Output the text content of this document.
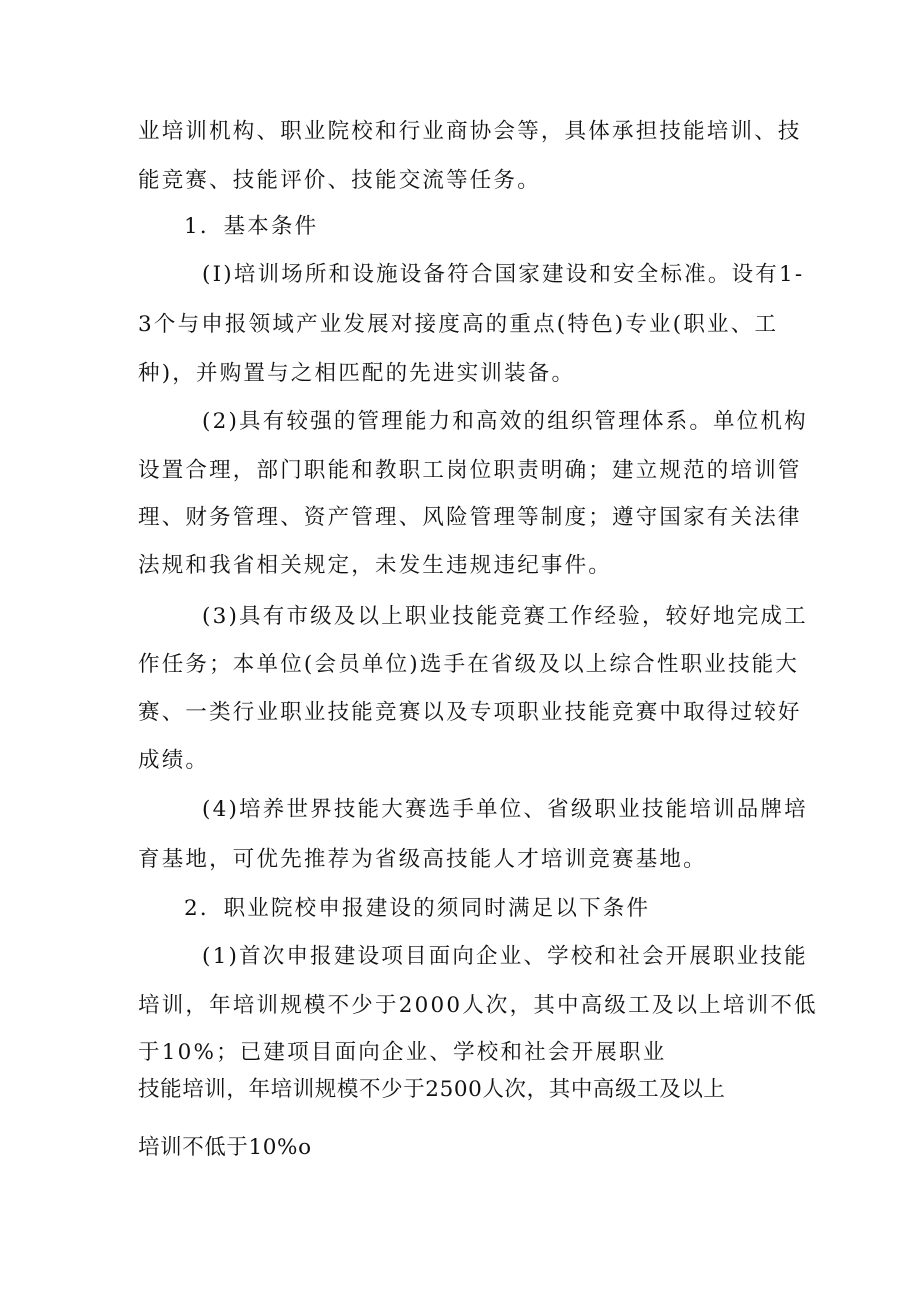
业培训机构、职业院校和行业商协会等，具体承担技能培训、技
能竞赛、技能评价、技能交流等任务。
1．基本条件
(I)培训场所和设施设备符合国家建设和安全标准。设有1-
3个与申报领域产业发展对接度高的重点(特色)专业(职业、工
种)，并购置与之相匹配的先进实训装备。
(2)具有较强的管理能力和高效的组织管理体系。单位机构
设置合理，部门职能和教职工岗位职责明确；建立规范的培训管
理、财务管理、资产管理、风险管理等制度；遵守国家有关法律
法规和我省相关规定，未发生违规违纪事件。
(3)具有市级及以上职业技能竞赛工作经验，较好地完成工
作任务；本单位(会员单位)选手在省级及以上综合性职业技能大
赛、一类行业职业技能竞赛以及专项职业技能竞赛中取得过较好
成绩。
(4)培养世界技能大赛选手单位、省级职业技能培训品牌培
育基地，可优先推荐为省级高技能人才培训竞赛基地。
2．职业院校申报建设的须同时满足以下条件
(1)首次申报建设项目面向企业、学校和社会开展职业技能
培训，年培训规模不少于2000人次，其中高级工及以上培训不低
于10%；已建项目面向企业、学校和社会开展职业
技能培训，年培训规模不少于2500人次，其中高级工及以上
培训不低于10%o
